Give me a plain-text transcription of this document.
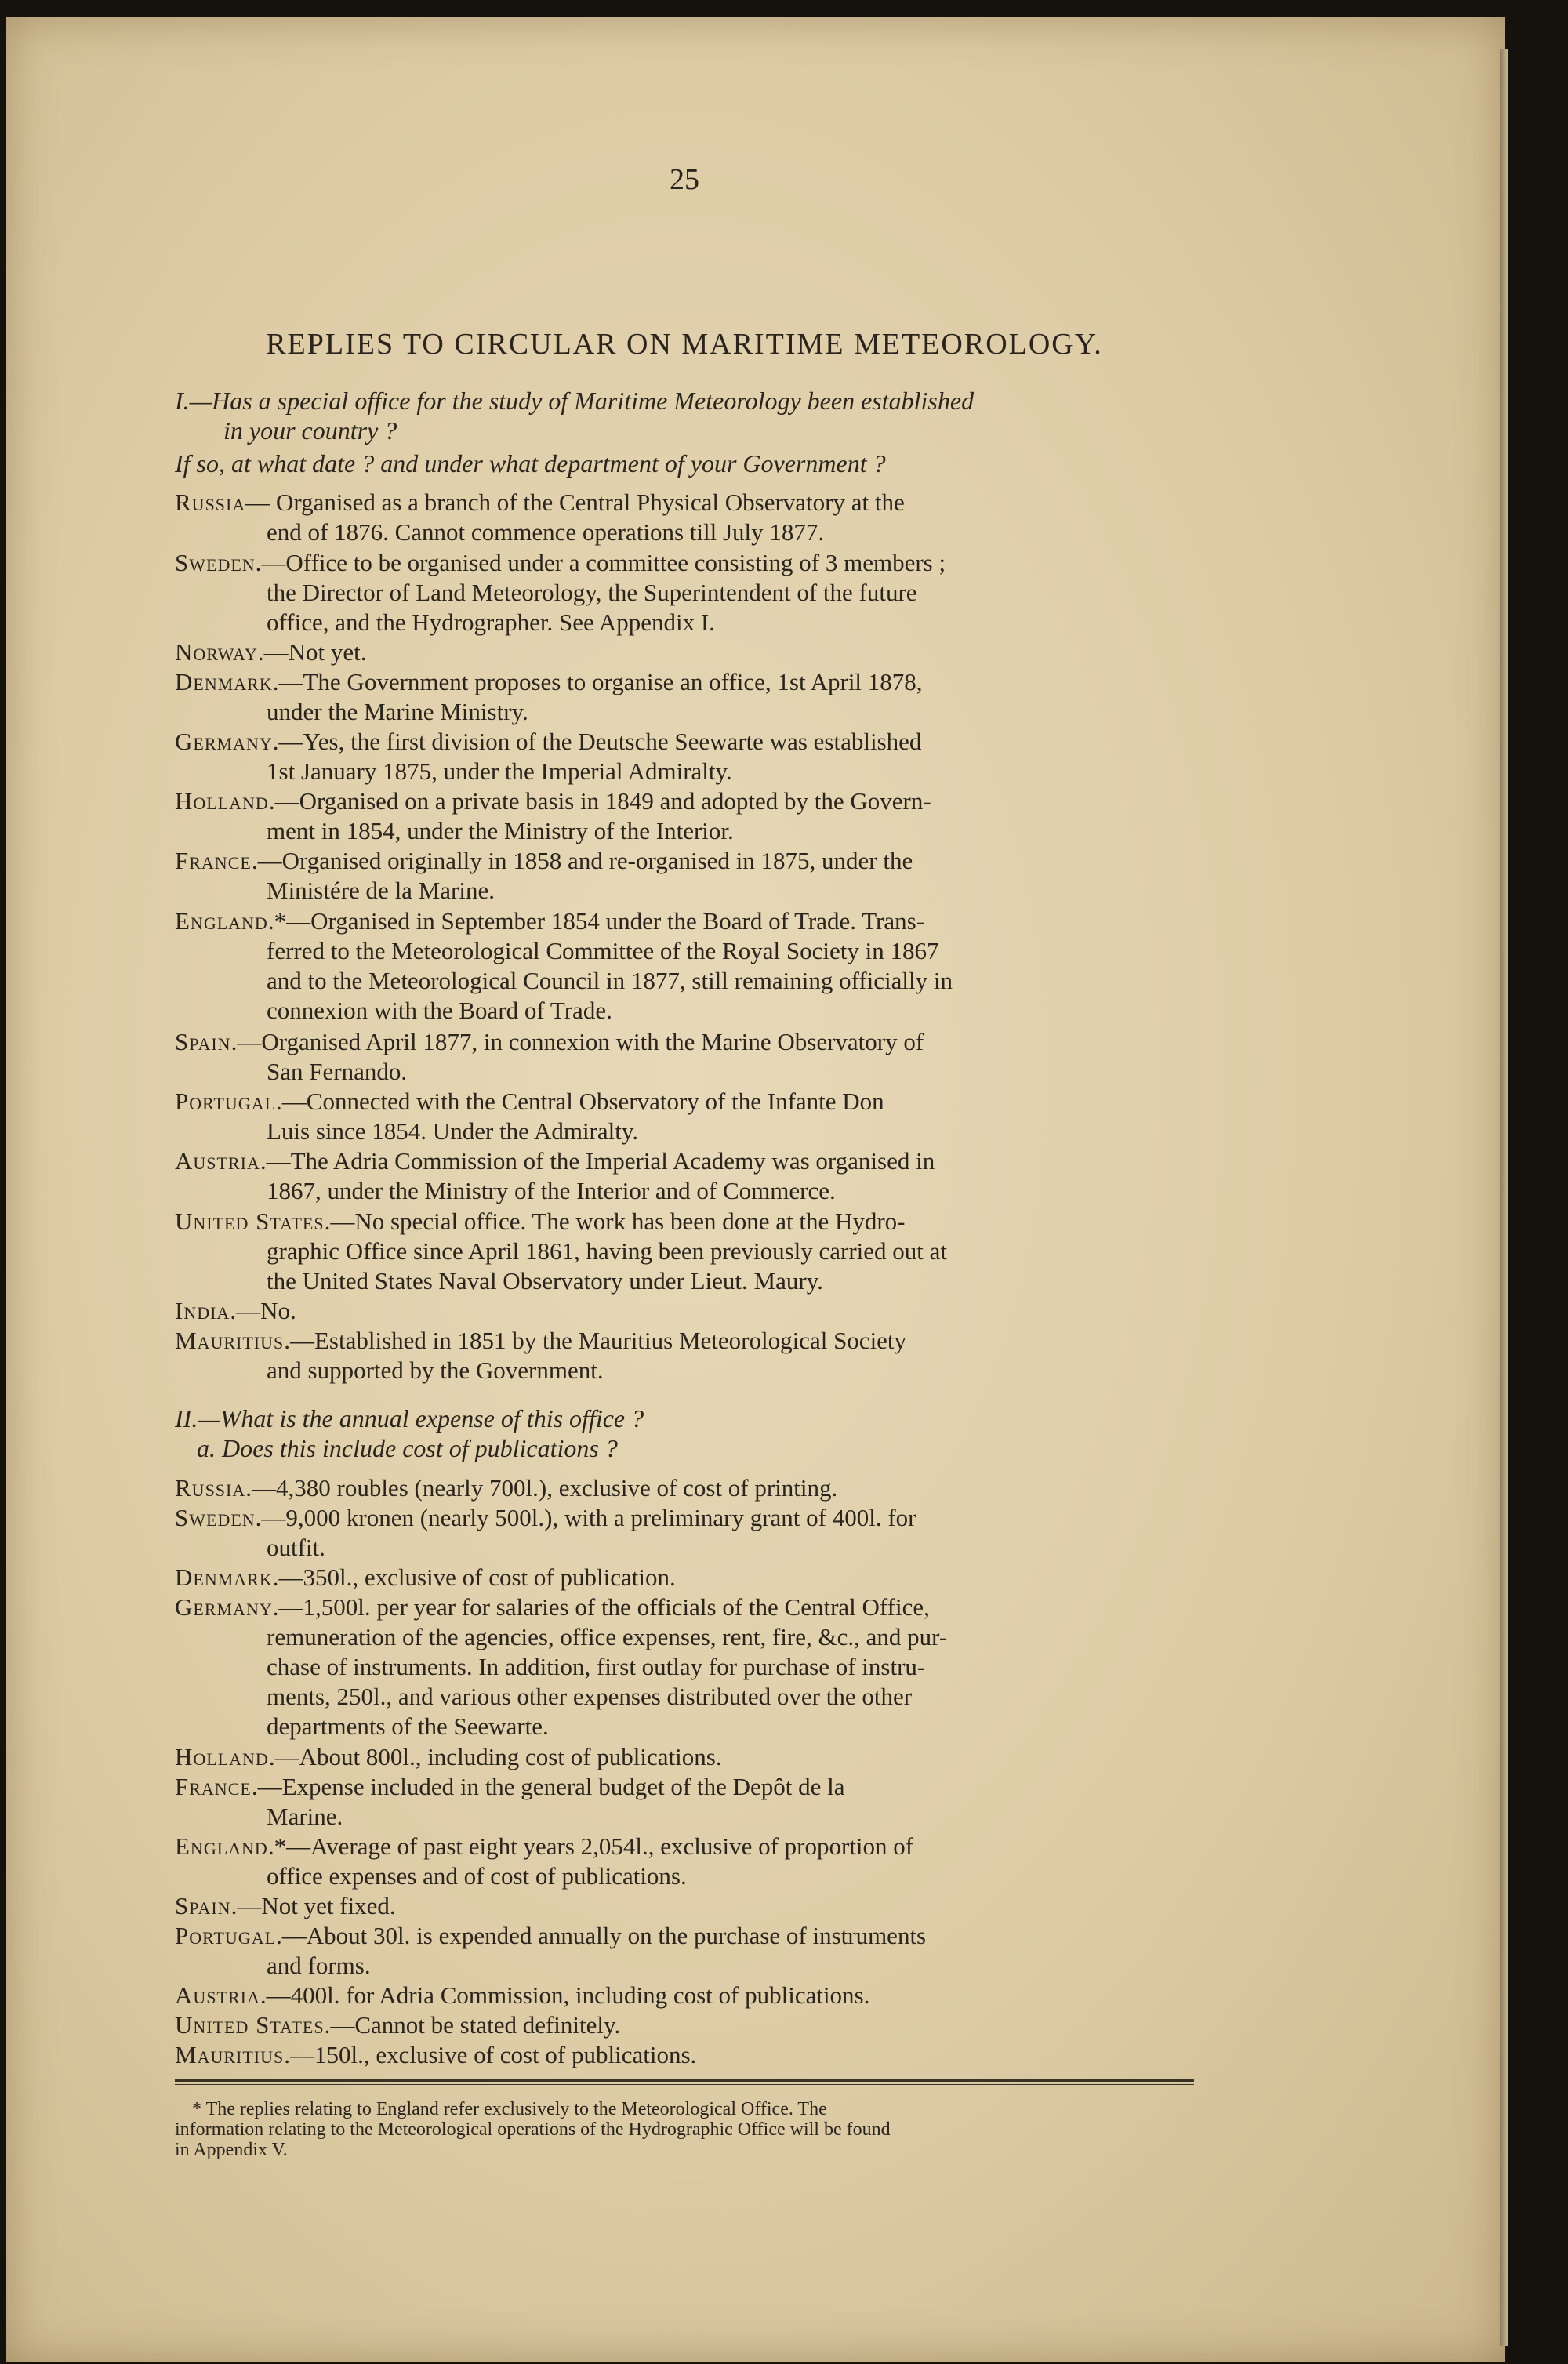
25
REPLIES TO CIRCULAR ON MARITIME METEOROLOGY.
I.—Has a special office for the study of Maritime Meteorology been established
in your country ?
If so, at what date ? and under what department of your Government ?
Russia— Organised as a branch of the Central Physical Observatory at the
end of 1876. Cannot commence operations till July 1877.
Sweden.—Office to be organised under a committee consisting of 3 members ;
the Director of Land Meteorology, the Superintendent of the future
office, and the Hydrographer. See Appendix I.
Norway.—Not yet.
Denmark.—The Government proposes to organise an office, 1st April 1878,
under the Marine Ministry.
Germany.—Yes, the first division of the Deutsche Seewarte was established
1st January 1875, under the Imperial Admiralty.
Holland.—Organised on a private basis in 1849 and adopted by the Govern-
ment in 1854, under the Ministry of the Interior.
France.—Organised originally in 1858 and re-organised in 1875, under the
Ministére de la Marine.
England.*—Organised in September 1854 under the Board of Trade. Trans-
ferred to the Meteorological Committee of the Royal Society in 1867
and to the Meteorological Council in 1877, still remaining officially in
connexion with the Board of Trade.
Spain.—Organised April 1877, in connexion with the Marine Observatory of
San Fernando.
Portugal.—Connected with the Central Observatory of the Infante Don
Luis since 1854. Under the Admiralty.
Austria.—The Adria Commission of the Imperial Academy was organised in
1867, under the Ministry of the Interior and of Commerce.
United States.—No special office. The work has been done at the Hydro-
graphic Office since April 1861, having been previously carried out at
the United States Naval Observatory under Lieut. Maury.
India.—No.
Mauritius.—Established in 1851 by the Mauritius Meteorological Society
and supported by the Government.
II.—What is the annual expense of this office ?
a. Does this include cost of publications ?
Russia.—4,380 roubles (nearly 700l.), exclusive of cost of printing.
Sweden.—9,000 kronen (nearly 500l.), with a preliminary grant of 400l. for
outfit.
Denmark.—350l., exclusive of cost of publication.
Germany.—1,500l. per year for salaries of the officials of the Central Office,
remuneration of the agencies, office expenses, rent, fire, &c., and pur-
chase of instruments. In addition, first outlay for purchase of instru-
ments, 250l., and various other expenses distributed over the other
departments of the Seewarte.
Holland.—About 800l., including cost of publications.
France.—Expense included in the general budget of the Depôt de la
Marine.
England.*—Average of past eight years 2,054l., exclusive of proportion of
office expenses and of cost of publications.
Spain.—Not yet fixed.
Portugal.—About 30l. is expended annually on the purchase of instruments
and forms.
Austria.—400l. for Adria Commission, including cost of publications.
United States.—Cannot be stated definitely.
Mauritius.—150l., exclusive of cost of publications.
* The replies relating to England refer exclusively to the Meteorological Office. The
information relating to the Meteorological operations of the Hydrographic Office will be found
in Appendix V.
